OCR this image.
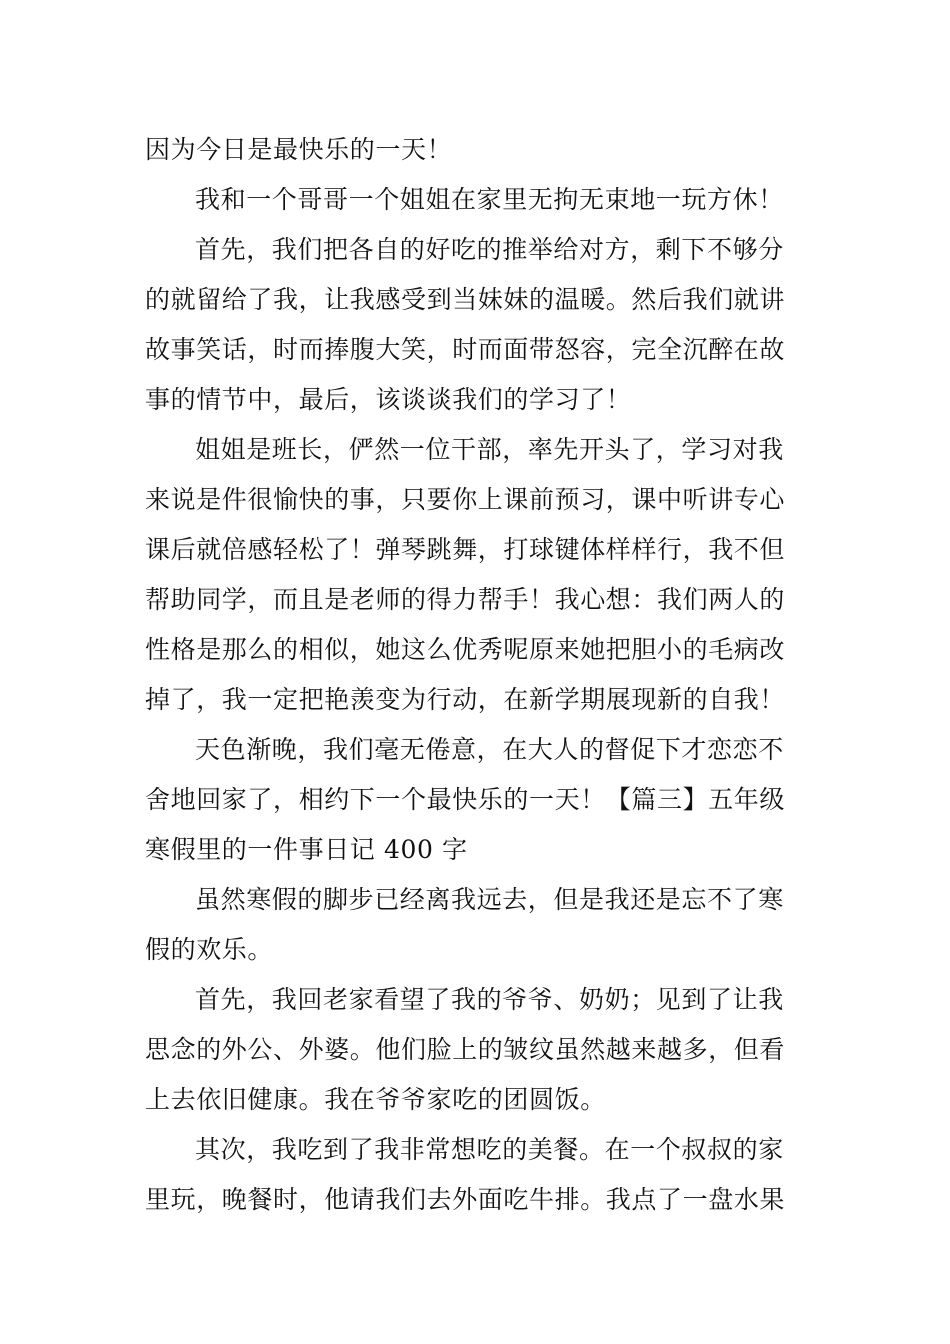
因为今日是最快乐的一天！
我和一个哥哥一个姐姐在家里无拘无束地一玩方休！
首先，我们把各自的好吃的推举给对方，剩下不够分
的就留给了我，让我感受到当妹妹的温暖。然后我们就讲
故事笑话，时而捧腹大笑，时而面带怒容，完全沉醉在故
事的情节中，最后，该谈谈我们的学习了！
姐姐是班长，俨然一位干部，率先开头了，学习对我
来说是件很愉快的事，只要你上课前预习，课中听讲专心
课后就倍感轻松了！弹琴跳舞，打球键体样样行，我不但
帮助同学，而且是老师的得力帮手！我心想：我们两人的
性格是那么的相似，她这么优秀呢原来她把胆小的毛病改
掉了，我一定把艳羡变为行动，在新学期展现新的自我！
天色渐晚，我们毫无倦意，在大人的督促下才恋恋不
舍地回家了，相约下一个最快乐的一天！【篇三】五年级
寒假里的一件事日记 400 字
虽然寒假的脚步已经离我远去，但是我还是忘不了寒
假的欢乐。
首先，我回老家看望了我的爷爷、奶奶；见到了让我
思念的外公、外婆。他们脸上的皱纹虽然越来越多，但看
上去依旧健康。我在爷爷家吃的团圆饭。
其次，我吃到了我非常想吃的美餐。在一个叔叔的家
里玩，晚餐时，他请我们去外面吃牛排。我点了一盘水果
